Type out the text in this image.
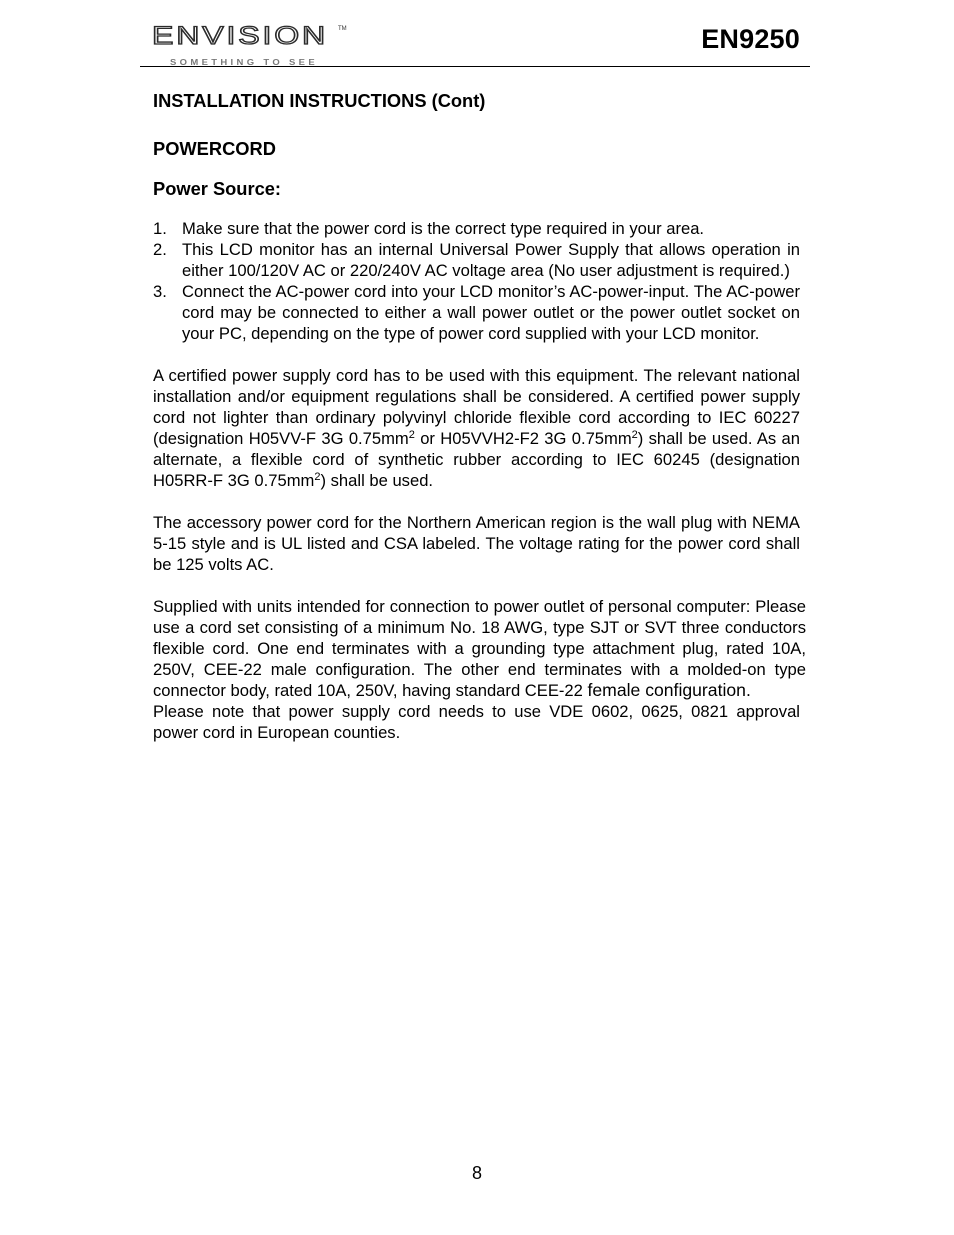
ENVISION TM
SOMETHING TO SEE
EN9250

INSTALLATION INSTRUCTIONS (Cont)

POWERCORD

Power Source:

1. Make sure that the power cord is the correct type required in your area.
2. This LCD monitor has an internal Universal Power Supply that allows operation in either 100/120V AC or 220/240V AC voltage area (No user adjustment is required.)
3. Connect the AC-power cord into your LCD monitor’s AC-power-input. The AC-power cord may be connected to either a wall power outlet or the power outlet socket on your PC, depending on the type of power cord supplied with your LCD monitor.

A certified power supply cord has to be used with this equipment. The relevant national installation and/or equipment regulations shall be considered. A certified power supply cord not lighter than ordinary polyvinyl chloride flexible cord according to IEC 60227 (designation H05VV-F 3G $0.75mm^2$ or H05VVH2-F2 3G $0.75mm^2$) shall be used. As an alternate, a flexible cord of synthetic rubber according to IEC 60245 (designation H05RR-F 3G $0.75mm^2$) shall be used.

The accessory power cord for the Northern American region is the wall plug with NEMA 5-15 style and is UL listed and CSA labeled. The voltage rating for the power cord shall be 125 volts AC.

Supplied with units intended for connection to power outlet of personal computer: Please use a cord set consisting of a minimum No. 18 AWG, type SJT or SVT three conductors flexible cord. One end terminates with a grounding type attachment plug, rated 10A, 250V, CEE-22 male configuration. The other end terminates with a molded-on type connector body, rated 10A, 250V, having standard CEE-22 female configuration.

Please note that power supply cord needs to use VDE 0602, 0625, 0821 approval power cord in European counties.

8
